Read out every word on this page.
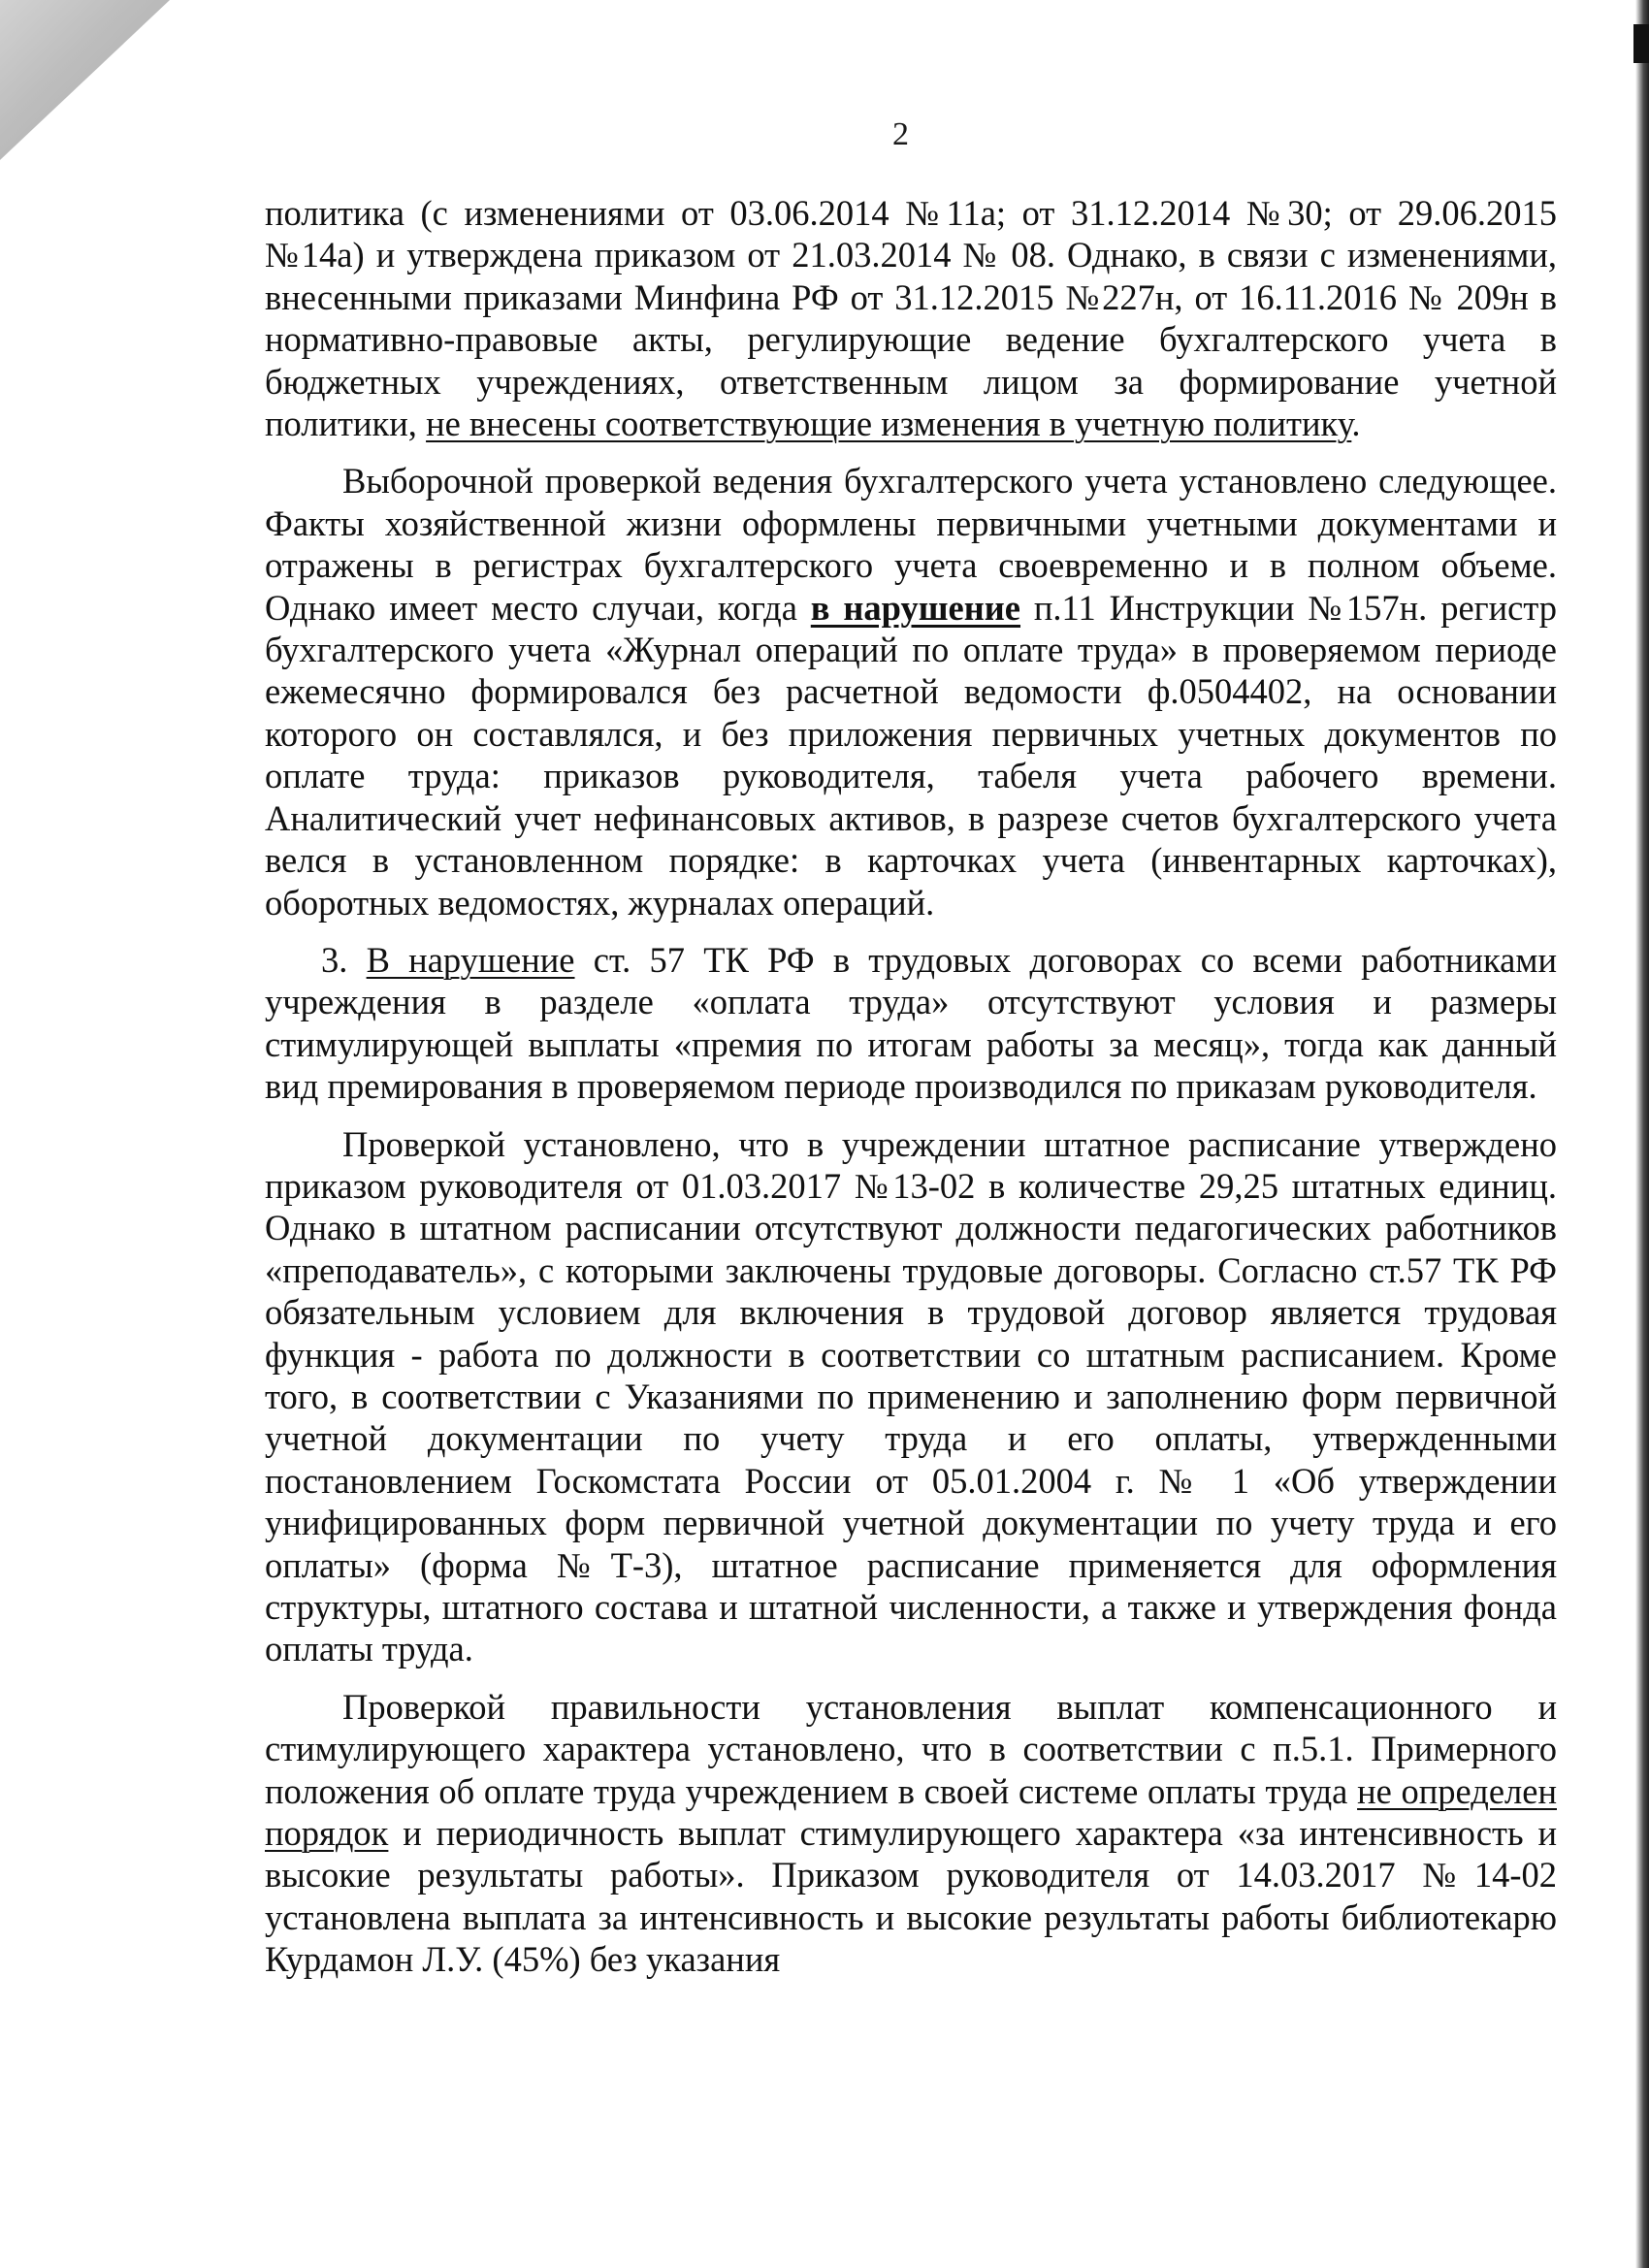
2

политика (с изменениями от 03.06.2014 №11а; от 31.12.2014 №30; от 29.06.2015 №14а) и утверждена приказом от 21.03.2014 № 08. Однако, в связи с изменениями, внесенными приказами Минфина РФ от 31.12.2015 №227н, от 16.11.2016 № 209н в нормативно-правовые акты, регулирующие ведение бухгалтерского учета в бюджетных учреждениях, ответственным лицом за формирование учетной политики, не внесены соответствующие изменения в учетную политику.

Выборочной проверкой ведения бухгалтерского учета установлено следующее. Факты хозяйственной жизни оформлены первичными учетными документами и отражены в регистрах бухгалтерского учета своевременно и в полном объеме. Однако имеет место случаи, когда в нарушение п.11 Инструкции №157н. регистр бухгалтерского учета «Журнал операций по оплате труда» в проверяемом периоде ежемесячно формировался без расчетной ведомости ф.0504402, на основании которого он составлялся, и без приложения первичных учетных документов по оплате труда: приказов руководителя, табеля учета рабочего времени. Аналитический учет нефинансовых активов, в разрезе счетов бухгалтерского учета велся в установленном порядке: в карточках учета (инвентарных карточках), оборотных ведомостях, журналах операций.

3. В нарушение ст. 57 ТК РФ в трудовых договорах со всеми работниками учреждения в разделе «оплата труда» отсутствуют условия и размеры стимулирующей выплаты «премия по итогам работы за месяц», тогда как данный вид премирования в проверяемом периоде производился по приказам руководителя.

Проверкой установлено, что в учреждении штатное расписание утверждено приказом руководителя от 01.03.2017 №13-02 в количестве 29,25 штатных единиц. Однако в штатном расписании отсутствуют должности педагогических работников «преподаватель», с которыми заключены трудовые договоры. Согласно ст.57 ТК РФ обязательным условием для включения в трудовой договор является трудовая функция - работа по должности в соответствии со штатным расписанием. Кроме того, в соответствии с Указаниями по применению и заполнению форм первичной учетной документации по учету труда и его оплаты, утвержденными постановлением Госкомстата России от 05.01.2004 г. № 1 «Об утверждении унифицированных форм первичной учетной документации по учету труда и его оплаты» (форма №Т-3), штатное расписание применяется для оформления структуры, штатного состава и штатной численности, а также и утверждения фонда оплаты труда.

Проверкой правильности установления выплат компенсационного и стимулирующего характера установлено, что в соответствии с п.5.1. Примерного положения об оплате труда учреждением в своей системе оплаты труда не определен порядок и периодичность выплат стимулирующего характера «за интенсивность и высокие результаты работы». Приказом руководителя от 14.03.2017 №14-02 установлена выплата за интенсивность и высокие результаты работы библиотекарю Курдамон Л.У. (45%) без указания
